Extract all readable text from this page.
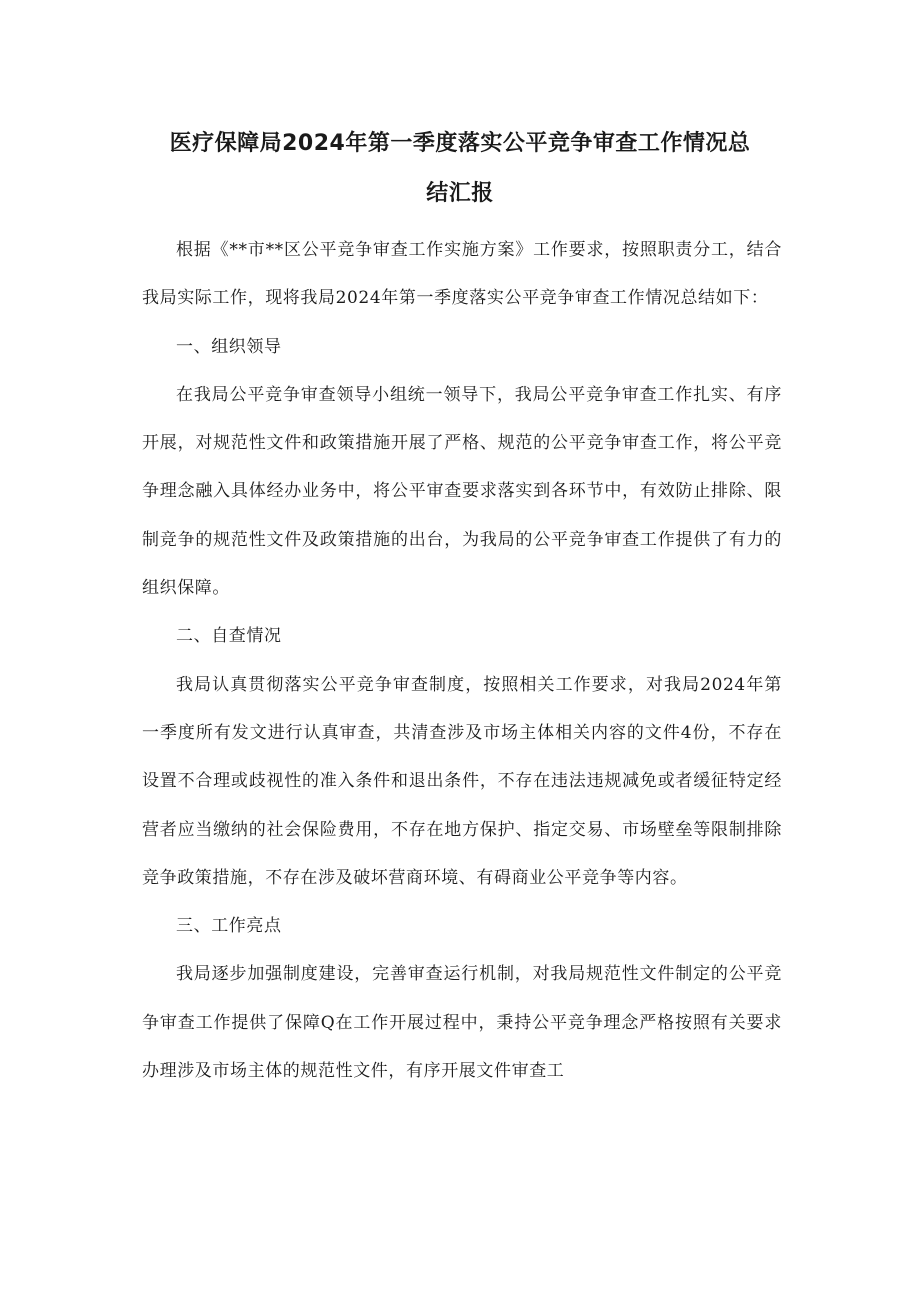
医疗保障局2024年第一季度落实公平竞争审查工作情况总
结汇报

根据《**市**区公平竞争审查工作实施方案》工作要求，按照职责分工，结合我局实际工作，现将我局2024年第一季度落实公平竞争审查工作情况总结如下：

一、组织领导

在我局公平竞争审查领导小组统一领导下，我局公平竞争审查工作扎实、有序开展，对规范性文件和政策措施开展了严格、规范的公平竞争审查工作，将公平竞争理念融入具体经办业务中，将公平审查要求落实到各环节中，有效防止排除、限制竞争的规范性文件及政策措施的出台，为我局的公平竞争审查工作提供了有力的组织保障。

二、自查情况

我局认真贯彻落实公平竞争审查制度，按照相关工作要求，对我局2024年第一季度所有发文进行认真审查，共清查涉及市场主体相关内容的文件4份，不存在设置不合理或歧视性的准入条件和退出条件，不存在违法违规减免或者缓征特定经营者应当缴纳的社会保险费用，不存在地方保护、指定交易、市场壁垒等限制排除竞争政策措施，不存在涉及破坏营商环境、有碍商业公平竞争等内容。

三、工作亮点

我局逐步加强制度建设，完善审查运行机制，对我局规范性文件制定的公平竞争审查工作提供了保障Q在工作开展过程中，秉持公平竞争理念严格按照有关要求办理涉及市场主体的规范性文件，有序开展文件审查工
